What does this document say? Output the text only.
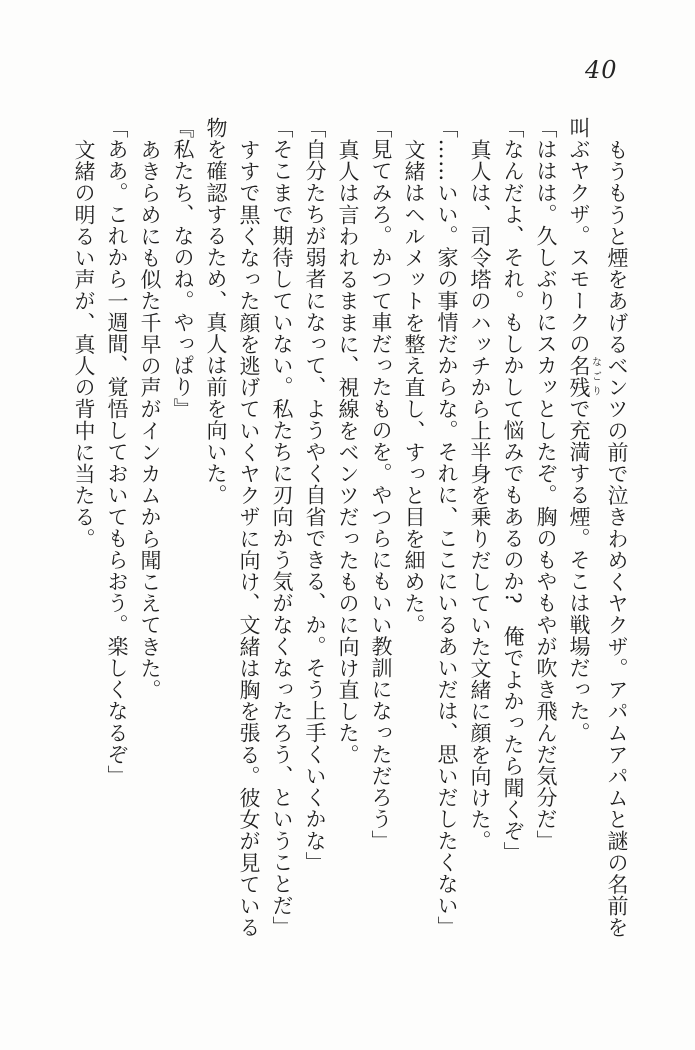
40
もうもうと煙をあげるベンツの前で泣きわめくヤクザ。アパムアパムと謎の名前を
叫ぶヤクザ。スモークの名残なごりで充満する煙。そこは戦場だった。
「ははは。久しぶりにスカッとしたぞ。胸のもやもやが吹き飛んだ気分だ」
「なんだよ、それ。もしかして悩みでもあるのか?　俺でよかったら聞くぞ」
真人は、司令塔のハッチから上半身を乗りだしていた文緒に顔を向けた。
「……いい。家の事情だからな。それに、ここにいるあいだは、思いだしたくない」
文緒はヘルメットを整え直し、すっと目を細めた。
「見てみろ。かつて車だったものを。やつらにもいい教訓になっただろう」
真人は言われるままに、視線をベンツだったものに向け直した。
「自分たちが弱者になって、ようやく自省できる、か。そう上手くいくかな」
「そこまで期待していない。私たちに刃向かう気がなくなったろう、ということだ」
すすで黒くなった顔を逃げていくヤクザに向け、文緒は胸を張る。彼女が見ている
物を確認するため、真人は前を向いた。
『私たち、なのね。やっぱり』
あきらめにも似た千早の声がインカムから聞こえてきた。
「ああ。これから一週間、覚悟しておいてもらおう。楽しくなるぞ」
文緒の明るい声が、真人の背中に当たる。
